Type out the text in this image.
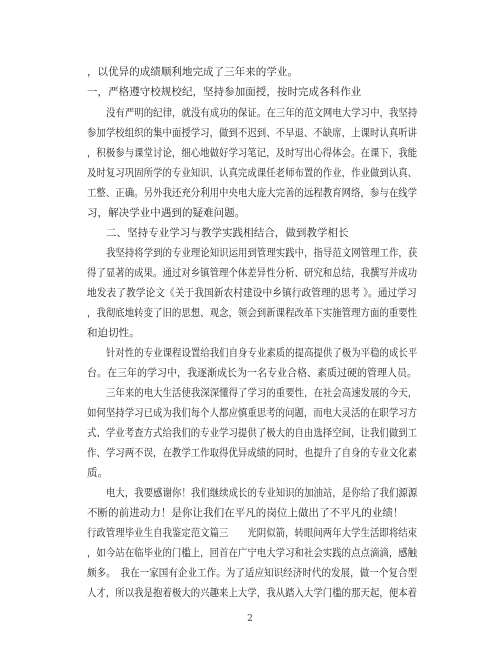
，以优异的成绩顺利地完成了三年来的学业。
一，严格遵守校规校纪，坚持参加面授，按时完成各科作业
没有严明的纪律，就没有成功的保证。在三年的范文网电大学习中，我坚持
参加学校组织的集中面授学习，做到不迟到、不早退、不缺席，上课时认真听讲
，积极参与课堂讨论，细心地做好学习笔记，及时写出心得体会。在课下，我能
及时复习巩固所学的专业知识，认真完成课任老师布置的作业，作业做到认真、
工整、正确。另外我还充分利用中央电大庞大完善的远程教育网络，参与在线学
习，解决学业中遇到的疑难问题。
二、坚持专业学习与教学实践相结合，做到教学相长
我坚持将学到的专业理论知识运用到管理实践中，指导范文网管理工作，获
得了显著的成果。通过对乡镇管理个体差异性分析、研究和总结，我撰写并成功
地发表了教学论文《关于我国新农村建设中乡镇行政管理的思考 》。通过学习
，我彻底地转变了旧的思想、观念，领会到新课程改革下实施管理方面的重要性
和迫切性。
针对性的专业课程设置给我们自身专业素质的提高提供了极为平稳的成长平
台。在三年的学习中，我逐渐成长为一名专业合格、素质过硬的管理人员。
三年来的电大生活使我深深懂得了学习的重要性，在社会高速发展的今天，
如何坚持学习已成为我们每个人都应慎重思考的问题，而电大灵活的在职学习方
式、学业考查方式给我们的专业学习提供了极大的自由选择空间，让我们做到工
作、学习两不误，在教学工作取得优异成绩的同时，也提升了自身的专业文化素
质。
电大，我要感谢你！我们继续成长的专业知识的加油站，是你给了我们源源
不断的前进动力！是你让我们在平凡的岗位上做出了不平凡的业绩！
行政管理毕业生自我鉴定范文篇三　　光阴似箭，转眼间两年大学生活即将结束
，如今站在临毕业的门槛上，回首在广宁电大学习和社会实践的点点滴滴，感触
颇多。　我在一家国有企业工作。为了适应知识经济时代的发展，做一个复合型
人才，所以我是抱着极大的兴趣来上大学，我从踏入大学门槛的那天起，便本着
2
